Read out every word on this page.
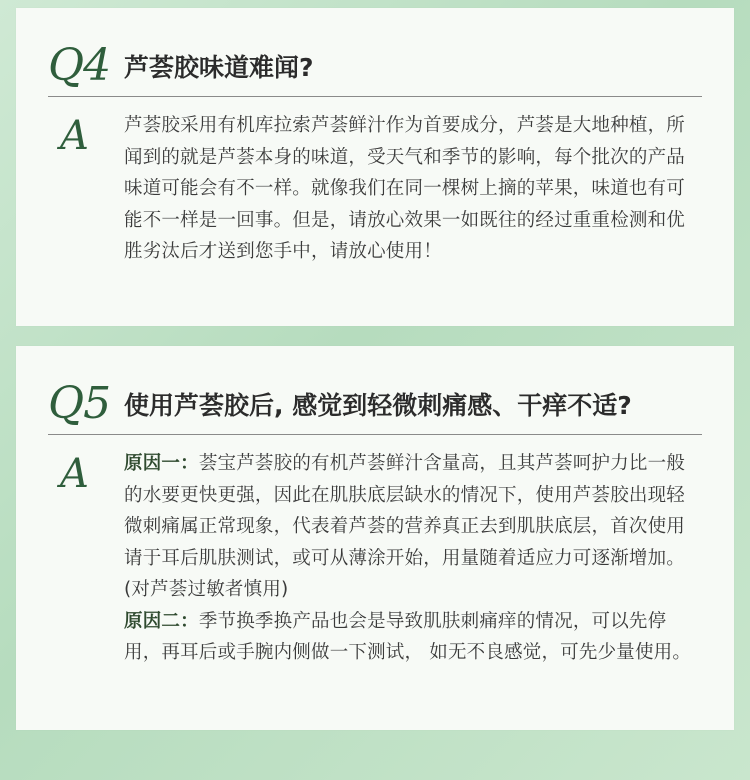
Q4 芦荟胶味道难闻?
A 芦荟胶采用有机库拉索芦荟鲜汁作为首要成分，芦荟是大地种植，所闻到的就是芦荟本身的味道，受天气和季节的影响，每个批次的产品味道可能会有不一样。就像我们在同一棵树上摘的苹果，味道也有可能不一样是一回事。但是，请放心效果一如既往的经过重重检测和优胜劣汰后才送到您手中，请放心使用！
Q5 使用芦荟胶后, 感觉到轻微刺痛感、干痒不适?
A 原因一：荟宝芦荟胶的有机芦荟鲜汁含量高，且其芦荟呵护力比一般的水要更快更强，因此在肌肤底层缺水的情况下，使用芦荟胶出现轻微刺痛属正常现象，代表着芦荟的营养真正去到肌肤底层，首次使用请于耳后肌肤测试，或可从薄涂开始，用量随着适应力可逐渐增加。(对芦荟过敏者慎用)

原因二：季节换季换产品也会是导致肌肤刺痛痒的情况，可以先停用，再耳后或手腕内侧做一下测试， 如无不良感觉，可先少量使用。
